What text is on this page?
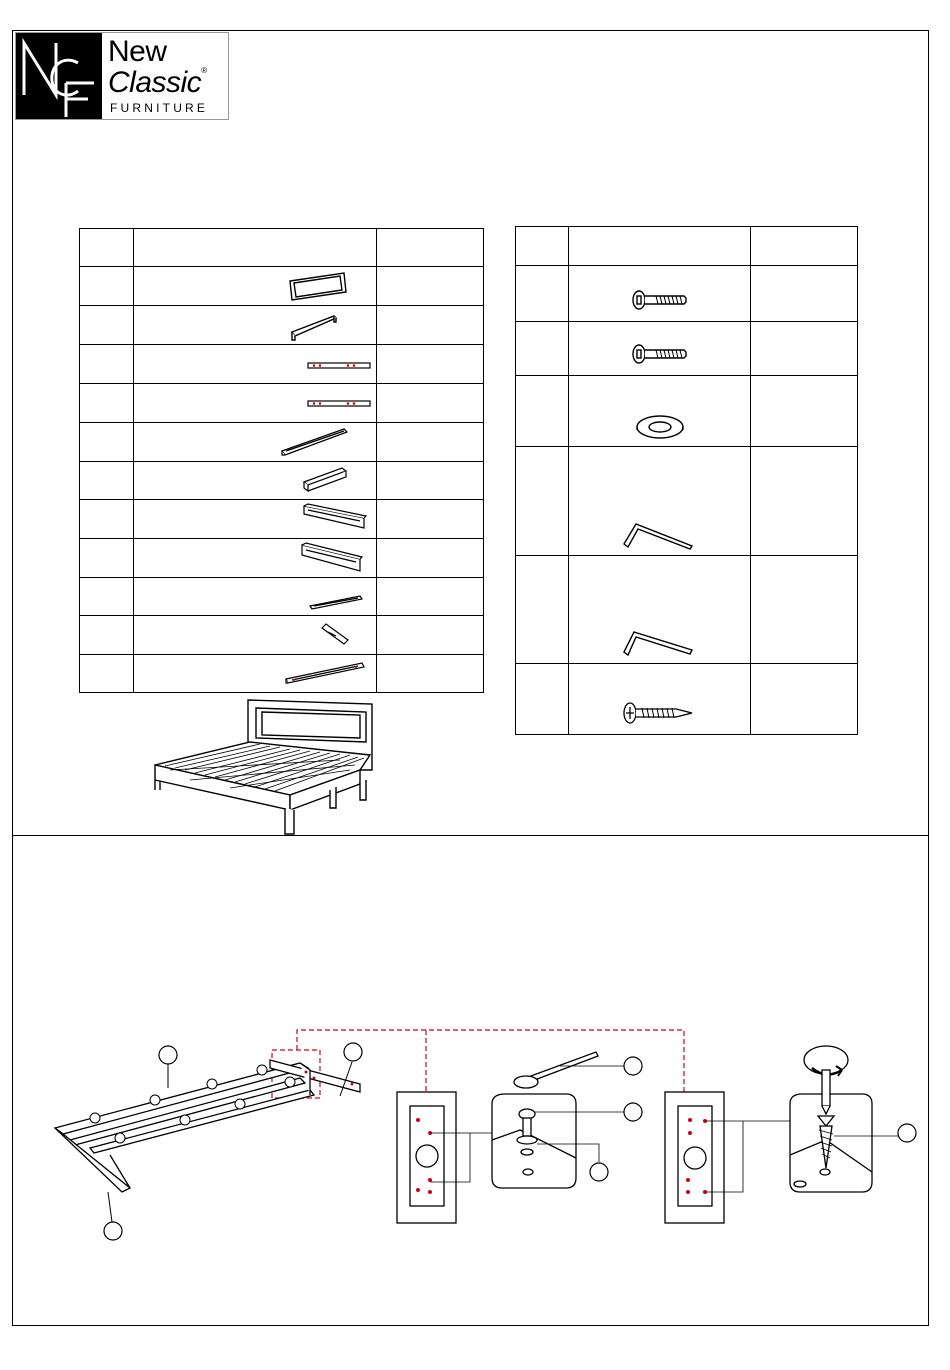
New
Classic®
FURNITURE
